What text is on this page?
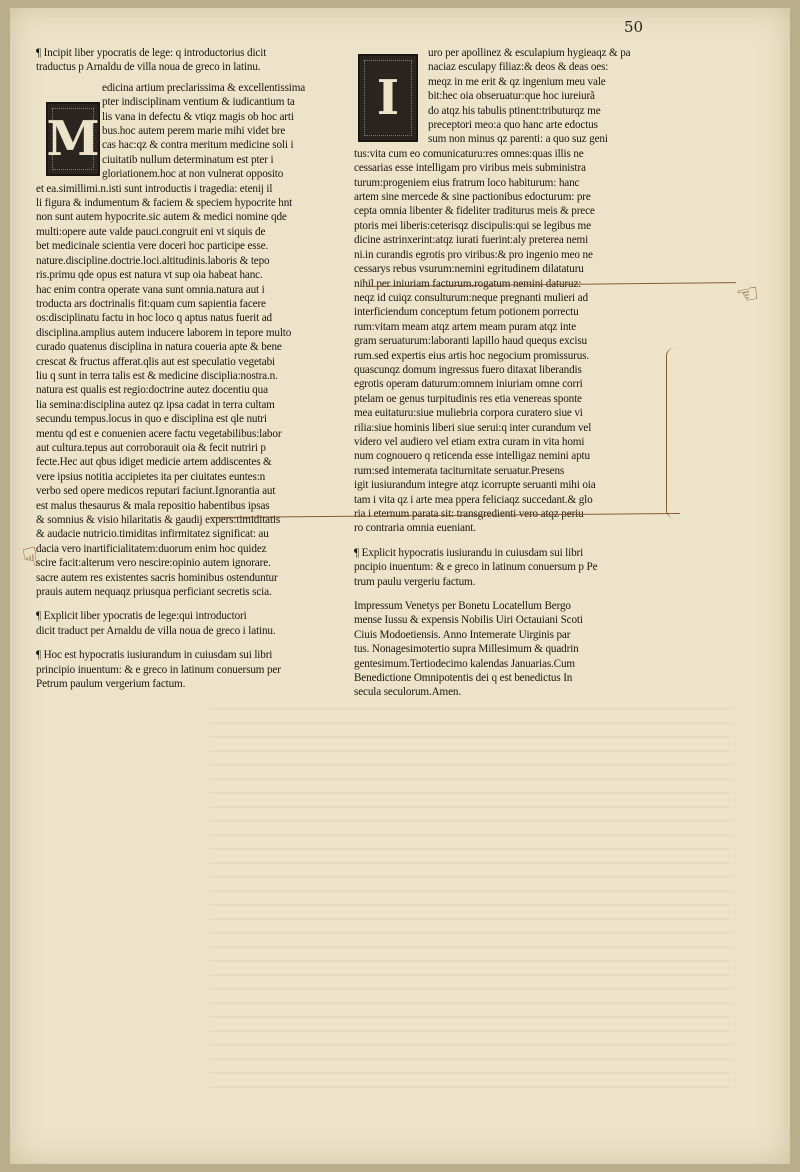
50
M
I

¶ Incipit liber ypocratis de lege: q introductorius dicit

traductus p Arnaldu de villa noua de greco in latinu.

edicina artium preclarissima & excellentissima

pter indisciplinam ventium & iudicantium ta

lis vana in defectu & vtiqz magis ob hoc arti

bus.hoc autem perem marie mihi videt bre

cas hac:qz & contra meritum medicine soli i

ciuitatib nullum determinatum est pter i

gloriationem.hoc at non vulnerat opposito

et ea.simillimi.n.isti sunt introductis i tragedia: etenij il

li figura & indumentum & faciem & speciem hypocrite hnt

non sunt autem hypocrite.sic autem & medici nomine qde

multi:opere aute valde pauci.congruit eni vt siquis de

bet medicinale scientia vere doceri hoc participe esse.

nature.discipline.doctrie.loci.altitudinis.laboris & tepo

ris.primu qde opus est natura vt sup oia habeat hanc.

hac enim contra operate vana sunt omnia.natura aut i

troducta ars doctrinalis fit:quam cum sapientia facere

os:disciplinatu factu in hoc loco q aptus natus fuerit ad

disciplina.amplius autem inducere laborem in tepore multo

curado quatenus disciplina in natura coueria apte & bene

crescat & fructus afferat.qlis aut est speculatio vegetabi

liu q sunt in terra talis est & medicine disciplia:nostra.n.

natura est qualis est regio:doctrine autez docentiu qua

lia semina:disciplina autez qz ipsa cadat in terra cultam

secundu tempus.locus in quo e disciplina est qle nutri

mentu qd est e conuenien acere factu vegetabilibus:labor

aut cultura.tepus aut corroborauit oia & fecit nutriri p

fecte.Hec aut qbus idiget medicie artem addiscentes &

vere ipsius notitia accipietes ita per ciuitates euntes:n

verbo sed opere medicos reputari faciunt.Ignorantia aut

est malus thesaurus & mala repositio habentibus ipsas

& somnius & visio hilaritatis & gaudij expers:timiditatis

& audacie nutricio.timiditas infirmitatez significat: au

dacia vero inartificialitatem:duorum enim hoc quidez

scire facit:alterum vero nescire:opinio autem ignorare.

sacre autem res existentes sacris hominibus ostenduntur

prauis autem nequaqz priusqua perficiant secretis scia.

¶ Explicit liber ypocratis de lege:qui introductori

dicit traduct per Arnaldu de villa noua de greco i latinu.

¶ Hoc est hypocratis iusiurandum in cuiusdam sui libri

principio inuentum: & e greco in latinum conuersum per

Petrum paulum vergerium factum.

uro per apollinez & esculapium hygieaqz & pa

naciaz esculapy filiaz:& deos & deas oes:

meqz in me erit & qz ingenium meu vale

bit:hec oia obseruatur:que hoc iureiurã

do atqz his tabulis ptinent:tributurqz me

preceptori meo:a quo hanc arte edoctus

sum non minus qz parenti: a quo suz geni

tus:vita cum eo comunicaturu:res omnes:quas illis ne

cessarias esse intelligam pro viribus meis subministra

turum:progeniem eius fratrum loco habiturum: hanc

artem sine mercede & sine pactionibus edocturum: pre

cepta omnia libenter & fideliter traditurus meis & prece

ptoris mei liberis:ceterisqz discipulis:qui se legibus me

dicine astrinxerint:atqz iurati fuerint:aly preterea nemi

ni.in curandis egrotis pro viribus:& pro ingenio meo ne

cessarys rebus vsurum:nemini egritudinem dilataturu

nihil per iniuriam facturum.rogatum nemini daturuz:

neqz id cuiqz consulturum:neque pregnanti mulieri ad

interficiendum conceptum fetum potionem porrectu

rum:vitam meam atqz artem meam puram atqz inte

gram seruaturum:laboranti lapillo haud quequs excisu

rum.sed expertis eius artis hoc negocium promissurus.

quascunqz domum ingressus fuero ditaxat liberandis

egrotis operam daturum:omnem iniuriam omne corri

ptelam oe genus turpitudinis res etia venereas sponte

mea euitaturu:siue muliebria corpora curatero siue vi

rilia:siue hominis liberi siue serui:q inter curandum vel

videro vel audiero vel etiam extra curam in vita homi

num cognouero q reticenda esse intelligaz nemini aptu

rum:sed intemerata taciturnitate seruatur.Presens

igit iusiurandum integre atqz icorrupte seruanti mihi oia

tam i vita qz i arte mea ppera feliciaqz succedant.& glo

ria i eternum parata sit: transgredienti vero atqz periu

ro contraria omnia eueniant.

¶ Explicit hypocratis iusiurandu in cuiusdam sui libri

pncipio inuentum: & e greco in latinum conuersum p Pe

trum paulu vergeriu factum.

Impressum Venetys per Bonetu Locatellum Bergo

mense Iussu & expensis Nobilis Uiri Octauiani Scoti

Ciuis Modoetiensis. Anno Intemerate Uirginis par

tus. Nonagesimotertio supra Millesimum & quadrin

gentesimum.Tertiodecimo kalendas Januarias.Cum

Benedictione Omnipotentis dei q est benedictus In

secula seculorum.Amen.

☜
☞
